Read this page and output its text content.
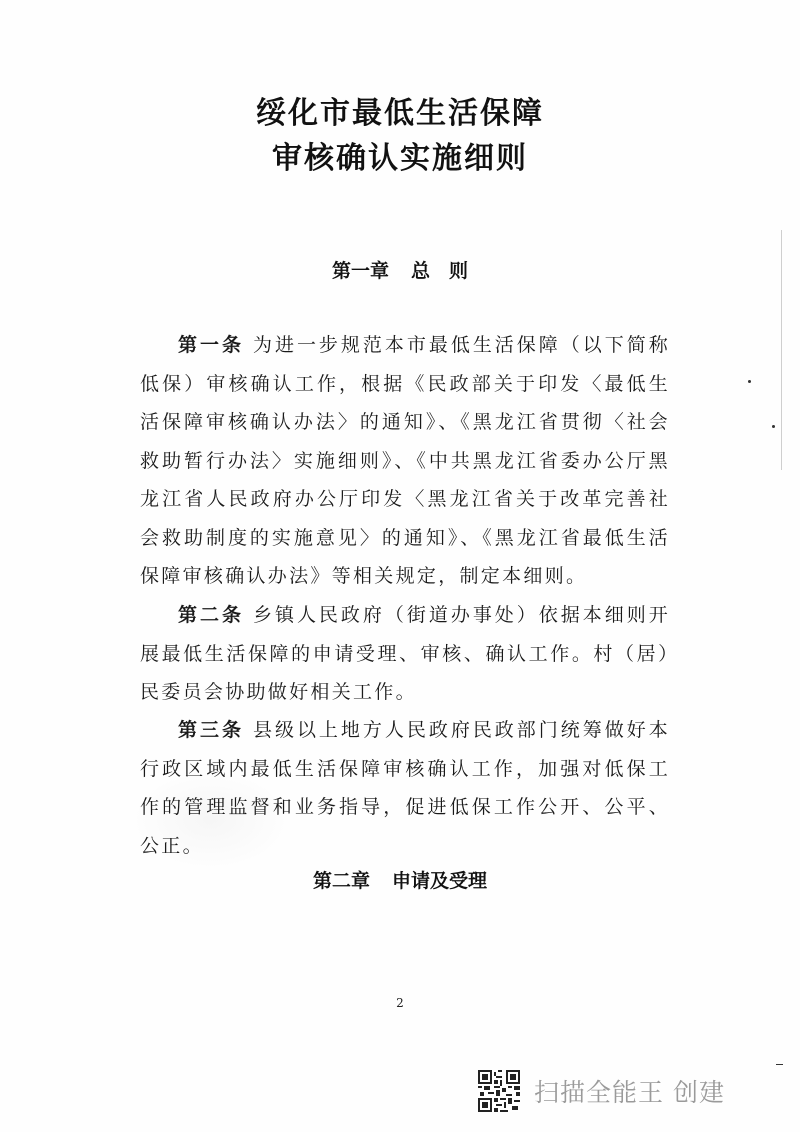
绥化市最低生活保障
审核确认实施细则
第一章 总　则
第一条 为进一步规范本市最低生活保障（以下简称低保）审核确认工作，根据《民政部关于印发〈最低生活保障审核确认办法〉的通知》、《黑龙江省贯彻〈社会救助暂行办法〉实施细则》、《中共黑龙江省委办公厅黑龙江省人民政府办公厅印发〈黑龙江省关于改革完善社会救助制度的实施意见〉的通知》、《黑龙江省最低生活保障审核确认办法》等相关规定，制定本细则。
第二条 乡镇人民政府（街道办事处）依据本细则开展最低生活保障的申请受理、审核、确认工作。村（居）民委员会协助做好相关工作。
第三条 县级以上地方人民政府民政部门统筹做好本行政区域内最低生活保障审核确认工作，加强对低保工作的管理监督和业务指导，促进低保工作公开、公平、公正。
第二章 申请及受理
2
扫描全能王 创建
